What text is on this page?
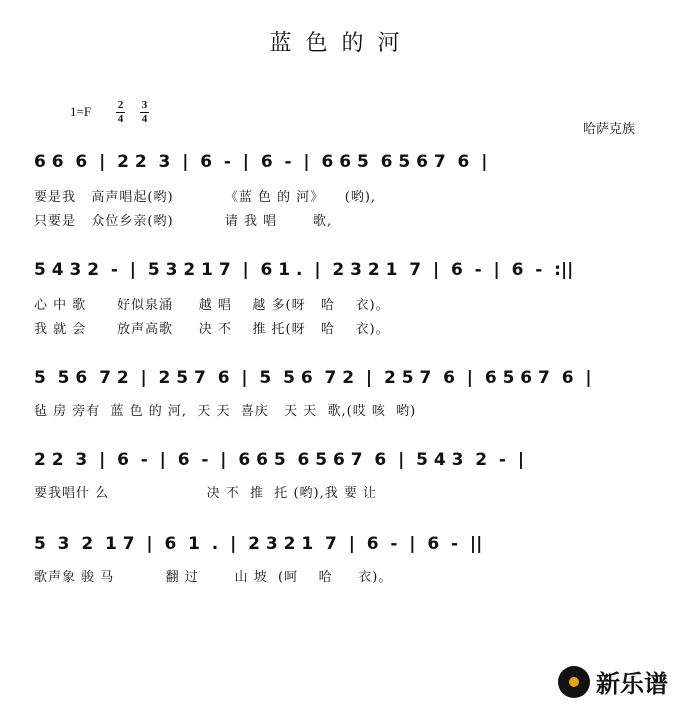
蓝色的河
1=F 2
4
3
4
哈萨克族
6 6  6  |  2 2  3  |  6  -  |  6  -  |  6 6 5  6 5 6 7  6  |
要是我   高声唱起(哟)          《蓝 色 的 河》    (哟),
只要是   众位乡亲(哟)          请 我 唱       歌,
5 4 3 2  -  |  5 3 2 1 7  |  6 1 .  |  2 3 2 1  7  |  6  -  |  6  -  :||
心 中 歌      好似泉涌     越 唱    越 多(呀   哈    衣)。
我 就 会      放声高歌     决 不    推 托(呀   哈    衣)。
5  5 6  7 2  |  2 5 7  6  |  5  5 6  7 2  |  2 5 7  6  |  6 5 6 7  6  |
毡 房 旁有  蓝 色 的 河,  天 天  喜庆   天 天  歌,(哎 咳  哟)
2 2  3  |  6  -  |  6  -  |  6 6 5  6 5 6 7  6  |  5 4 3  2  -  |
要我唱什 么                   决 不  推  托 (哟),我 要 让
5  3  2  1 7  |  6  1  .  |  2 3 2 1  7  |  6  -  |  6  -  ||
歌声象 骏 马          翻 过       山 坡  (呵    哈     衣)。
新乐谱
